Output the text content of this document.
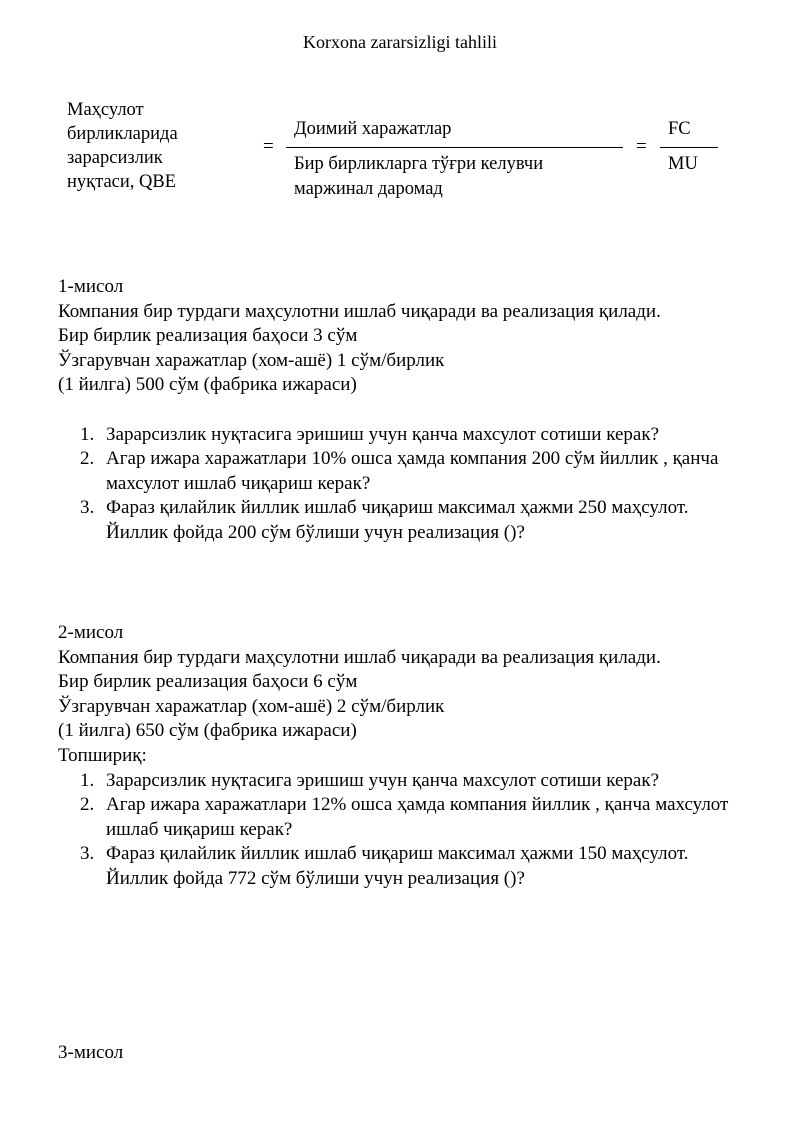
Korxona zararsizligi tahlili
Маҳсулот бирликларида зарарсизлик нуқтаси, QBE
=
Доимий харажатлар
Бир бирликларга тўғри келувчи маржинал даромад
=
FC
MU

1-мисол

Компания бир турдаги маҳсулотни ишлаб чиқаради ва реализация қилади.

Бир бирлик реализация баҳоси 3 сўм

Ўзгарувчан харажатлар (хом-ашё) 1 сўм/бирлик

(1 йилга) 500 сўм (фабрика ижараси)

1. Зарарсизлик нуқтасига эришиш учун қанча махсулот сотиши керак?
2. Агар ижара харажатлари 10% ошса ҳамда компания 200 сўм йиллик , қанча махсулот ишлаб чиқариш керак?
3. Фараз қилайлик йиллик ишлаб чиқариш максимал ҳажми 250 маҳсулот. Йиллик фойда 200 сўм бўлиши учун реализация ()?

2-мисол

Компания бир турдаги маҳсулотни ишлаб чиқаради ва реализация қилади.

Бир бирлик реализация баҳоси 6 сўм

Ўзгарувчан харажатлар (хом-ашё) 2 сўм/бирлик

(1 йилга) 650 сўм (фабрика ижараси)

Топшириқ:

1. Зарарсизлик нуқтасига эришиш учун қанча махсулот сотиши керак?
2. Агар ижара харажатлари 12% ошса ҳамда компания йиллик , қанча махсулот ишлаб чиқариш керак?
3. Фараз қилайлик йиллик ишлаб чиқариш максимал ҳажми 150 маҳсулот. Йиллик фойда 772 сўм бўлиши учун реализация ()?

3-мисол
